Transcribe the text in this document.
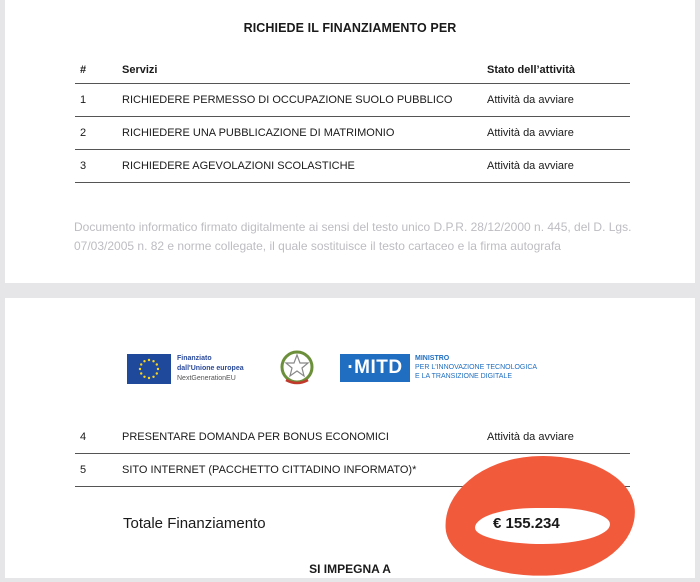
RICHIEDE IL FINANZIAMENTO PER
#	Servizi	Stato dell’attività
1	RICHIEDERE PERMESSO DI OCCUPAZIONE SUOLO PUBBLICO	Attività da avviare
2	RICHIEDERE UNA PUBBLICAZIONE DI MATRIMONIO	Attività da avviare
3	RICHIEDERE AGEVOLAZIONI SCOLASTICHE	Attività da avviare
Documento informatico firmato digitalmente ai sensi del testo unico D.P.R. 28/12/2000 n. 445, del D. Lgs. 07/03/2005 n. 82 e norme collegate, il quale sostituisce il testo cartaceo e la firma autografa
Finanziato
dall'Unione europea
NextGenerationEU
·MITD	MINISTRO
PER L'INNOVAZIONE TECNOLOGICA
E LA TRANSIZIONE DIGITALE
4	PRESENTARE DOMANDA PER BONUS ECONOMICI	Attività da avviare
5	SITO INTERNET (PACCHETTO CITTADINO INFORMATO)*	
Totale Finanziamento	€ 155.234
SI IMPEGNA A
